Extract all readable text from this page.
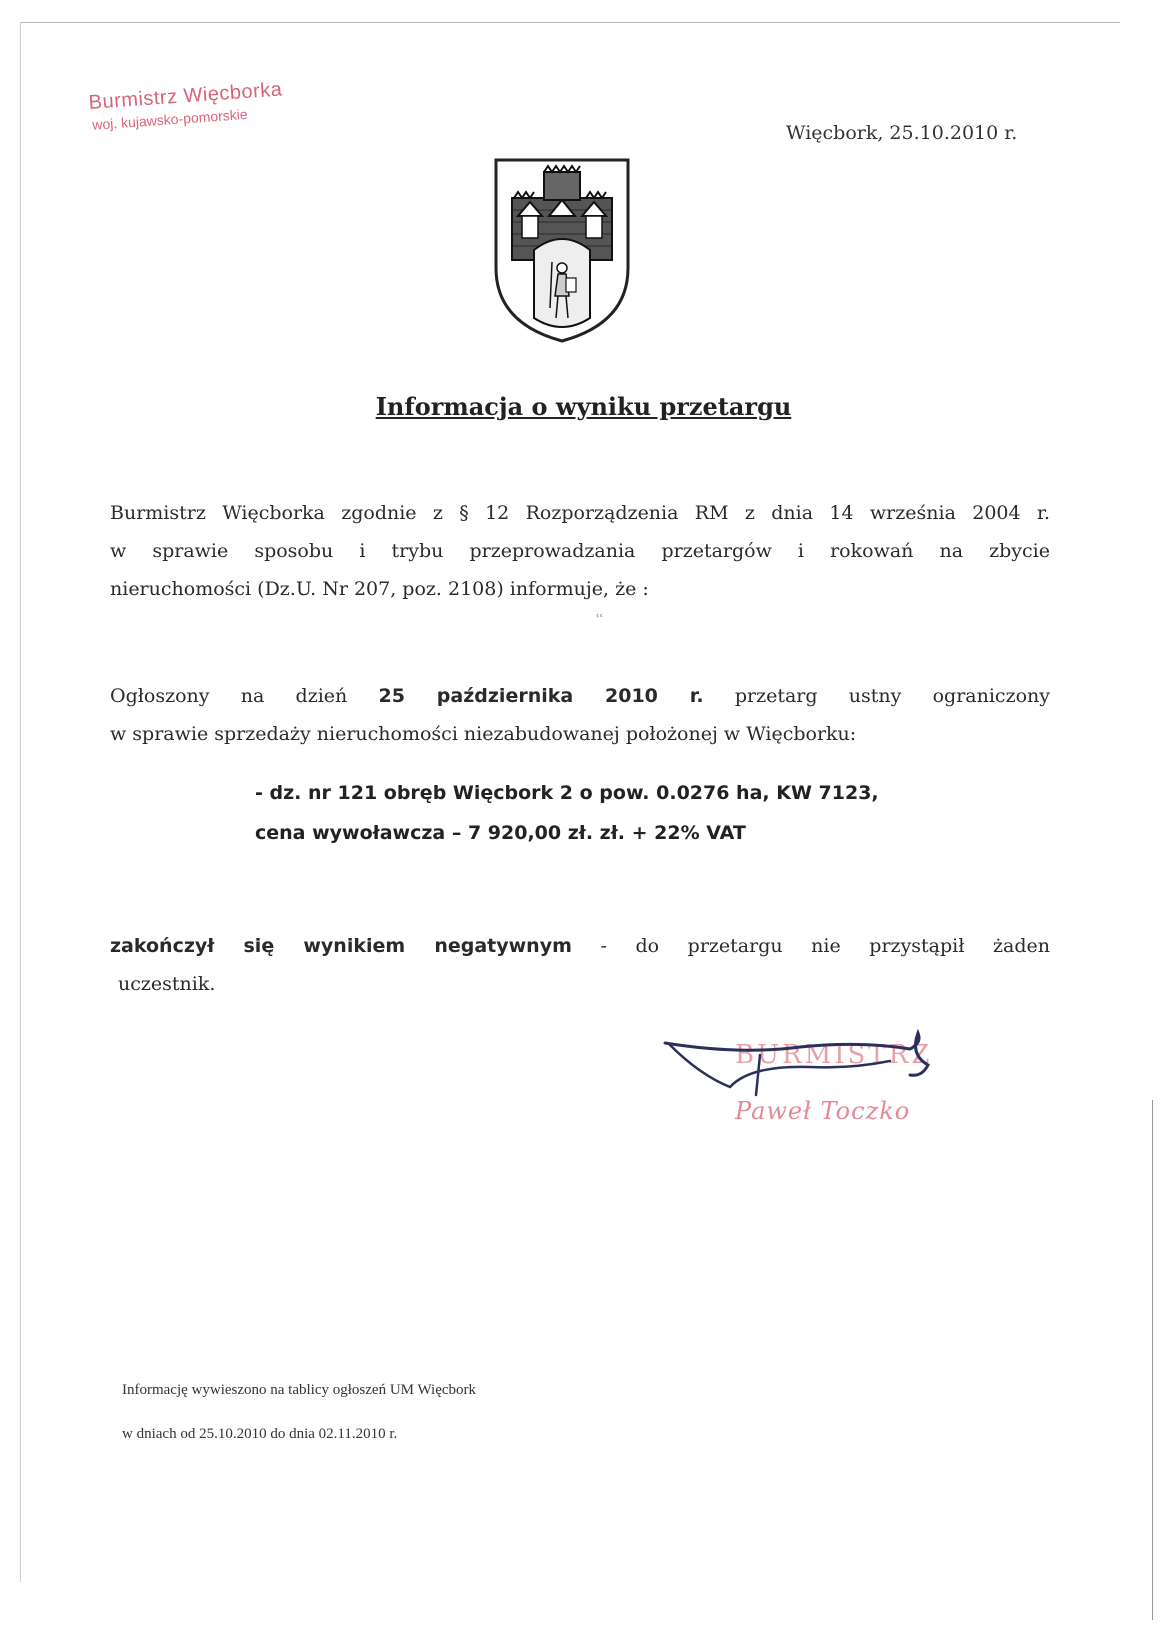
Burmistrz Więcborka
woj. kujawsko-pomorskie
Więcbork, 25.10.2010 r.
Informacja o wyniku przetargu
Burmistrz Więcborka zgodnie z § 12 Rozporządzenia RM z dnia 14 września 2004 r.
w sprawie sposobu i trybu przeprowadzania przetargów i rokowań na zbycie
nieruchomości (Dz.U. Nr 207, poz. 2108) informuje, że :
ʿʿ
Ogłoszony na dzień 25 października 2010 r. przetarg ustny ograniczony
w sprawie sprzedaży nieruchomości niezabudowanej położonej w Więcborku:
- dz. nr 121 obręb Więcbork 2 o pow. 0.0276 ha, KW 7123,
cena wywoławcza – 7 920,00 zł. zł. + 22% VAT
zakończył się wynikiem negatywnym - do przetargu nie przystąpił żaden
uczestnik.
BURMISTRZ
Paweł Toczko
Informację wywieszono na tablicy ogłoszeń UM Więcbork
w dniach od 25.10.2010 do dnia 02.11.2010 r.
